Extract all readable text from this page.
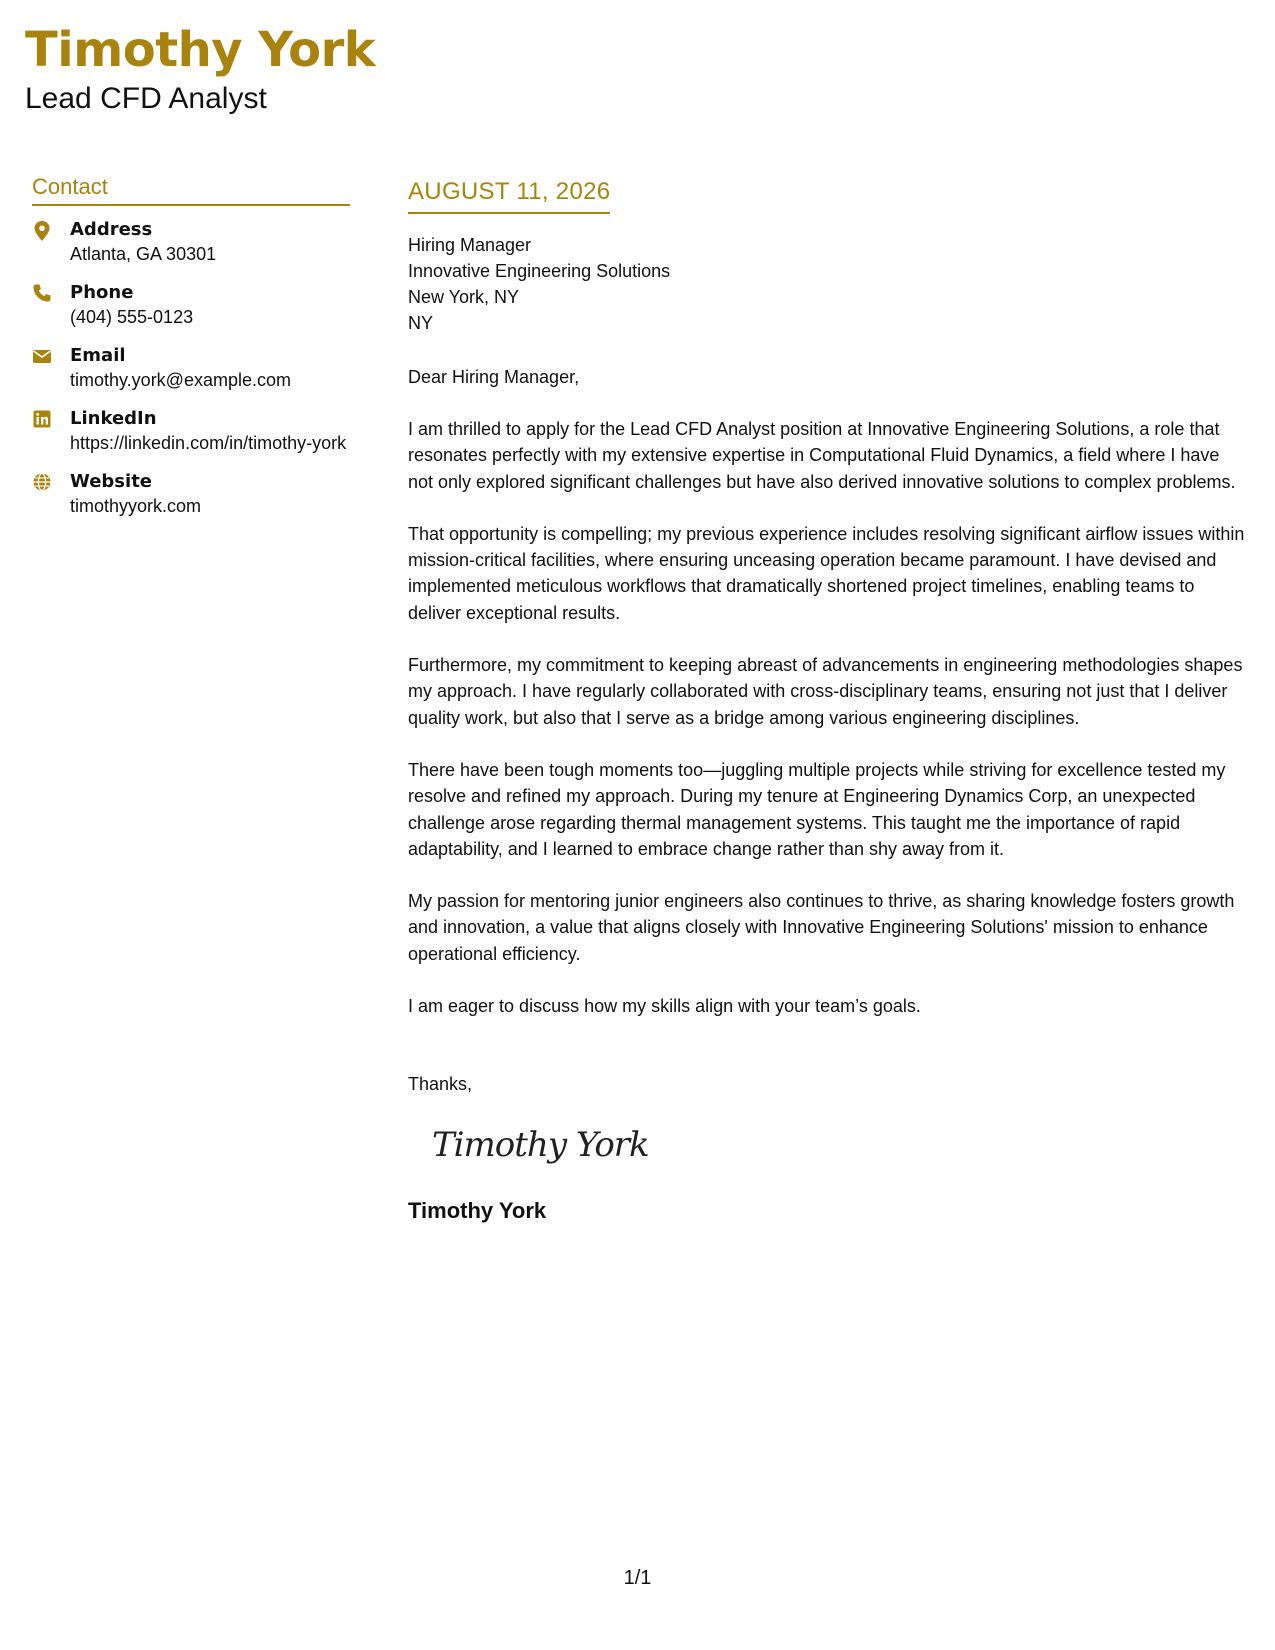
Timothy York
Lead CFD Analyst
Contact
Address
Atlanta, GA 30301
Phone
(404) 555-0123
Email
timothy.york@example.com
LinkedIn
https://linkedin.com/in/timothy-york
Website
timothyyork.com
AUGUST 11, 2026
Hiring Manager
Innovative Engineering Solutions
New York, NY
NY
Dear Hiring Manager,
I am thrilled to apply for the Lead CFD Analyst position at Innovative Engineering Solutions, a role that resonates perfectly with my extensive expertise in Computational Fluid Dynamics, a field where I have not only explored significant challenges but have also derived innovative solutions to complex problems.
That opportunity is compelling; my previous experience includes resolving significant airflow issues within mission-critical facilities, where ensuring unceasing operation became paramount. I have devised and implemented meticulous workflows that dramatically shortened project timelines, enabling teams to deliver exceptional results.
Furthermore, my commitment to keeping abreast of advancements in engineering methodologies shapes my approach. I have regularly collaborated with cross-disciplinary teams, ensuring not just that I deliver quality work, but also that I serve as a bridge among various engineering disciplines.
There have been tough moments too—juggling multiple projects while striving for excellence tested my resolve and refined my approach. During my tenure at Engineering Dynamics Corp, an unexpected challenge arose regarding thermal management systems. This taught me the importance of rapid adaptability, and I learned to embrace change rather than shy away from it.
My passion for mentoring junior engineers also continues to thrive, as sharing knowledge fosters growth and innovation, a value that aligns closely with Innovative Engineering Solutions' mission to enhance operational efficiency.
I am eager to discuss how my skills align with your team’s goals.
Thanks,
Timothy York
Timothy York
1/1
